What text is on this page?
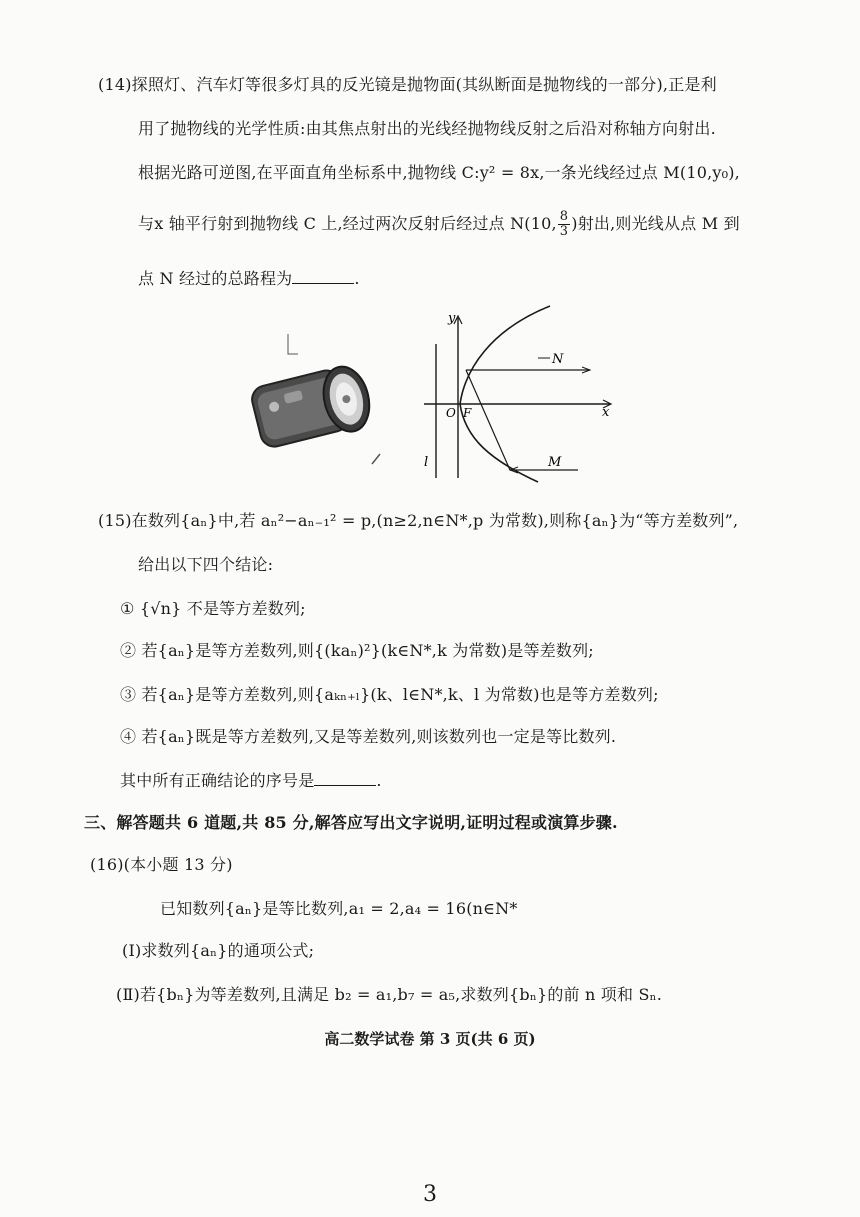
(14)探照灯、汽车灯等很多灯具的反光镜是抛物面(其纵断面是抛物线的一部分),正是利
用了抛物线的光学性质:由其焦点射出的光线经抛物线反射之后沿对称轴方向射出.
根据光路可逆图,在平面直角坐标系中,抛物线 C:y² = 8x,一条光线经过点 M(10,y₀),
与x 轴平行射到抛物线 C 上,经过两次反射后经过点 N(10, $\frac{8}{3}$ )射出,则光线从点 M 到
点 N 经过的总路程为	.
y
x
O F
l
N
M
(15)在数列{aₙ}中,若 aₙ²−aₙ₋₁² = p,(n≥2,n∈N*,p 为常数),则称{aₙ}为“等方差数列”,
给出以下四个结论:
① {√n} 不是等方差数列;
② 若{aₙ}是等方差数列,则{(kaₙ)²}(k∈N*,k 为常数)是等差数列;
③ 若{aₙ}是等方差数列,则{aₖₙ₊ₗ}(k、l∈N*,k、l 为常数)也是等方差数列;
④ 若{aₙ}既是等方差数列,又是等差数列,则该数列也一定是等比数列.
其中所有正确结论的序号是	.
三、解答题共 6 道题,共 85 分,解答应写出文字说明,证明过程或演算步骤.
(16)(本小题 13 分)
已知数列{aₙ}是等比数列,a₁ = 2,a₄ = 16(n∈N*
(Ⅰ)求数列{aₙ}的通项公式;
(Ⅱ)若{bₙ}为等差数列,且满足 b₂ = a₁,b₇ = a₅,求数列{bₙ}的前 n 项和 Sₙ.
高二数学试卷 第 3 页(共 6 页)
3
